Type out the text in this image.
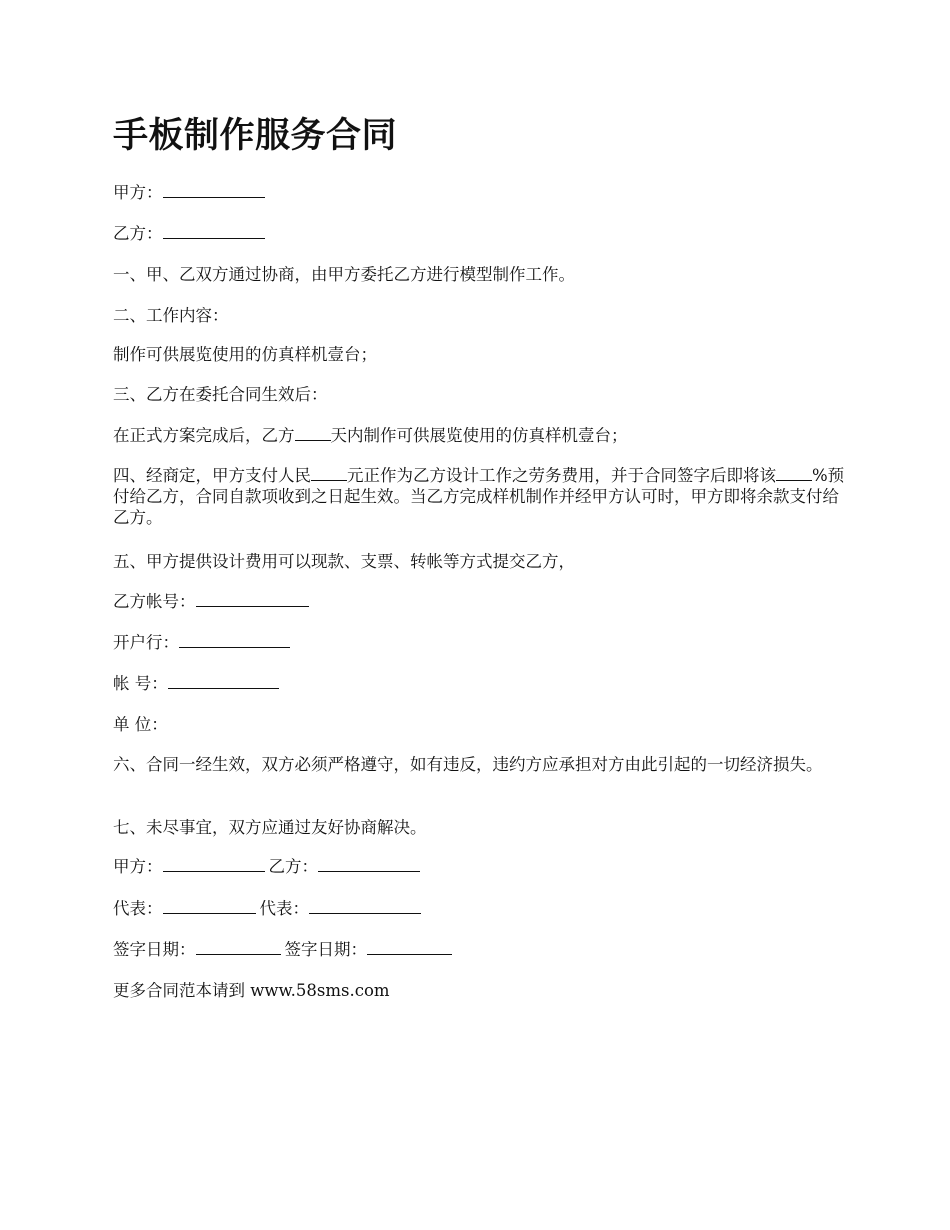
手板制作服务合同

甲方：

乙方：

一、甲、乙双方通过协商，由甲方委托乙方进行模型制作工作。

二、工作内容：

制作可供展览使用的仿真样机壹台；

三、乙方在委托合同生效后：

在正式方案完成后，乙方 天内制作可供展览使用的仿真样机壹台；

四、经商定，甲方支付人民 元正作为乙方设计工作之劳务费用，并于合同签字后即将该 %预付给乙方，合同自款项收到之日起生效。当乙方完成样机制作并经甲方认可时，甲方即将余款支付给乙方。

五、甲方提供设计费用可以现款、支票、转帐等方式提交乙方，

乙方帐号：

开户行：

帐 号：

单 位：

六、合同一经生效，双方必须严格遵守，如有违反，违约方应承担对方由此引起的一切经济损失。

七、未尽事宜，双方应通过友好协商解决。

甲方：	乙方：

代表：	代表：

签字日期：	签字日期：

更多合同范本请到 www.58sms.com
